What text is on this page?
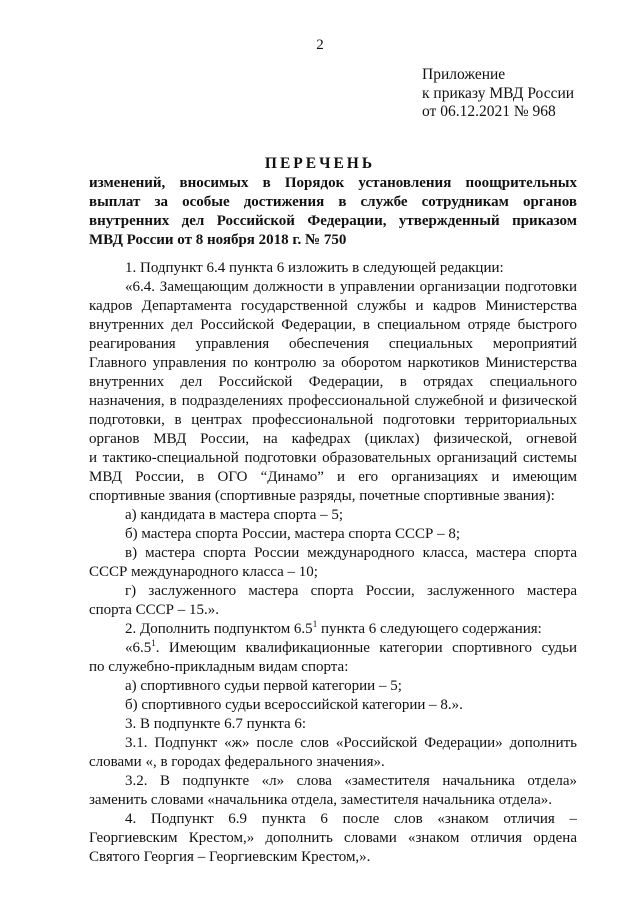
2
Приложение
к приказу МВД России
от 06.12.2021 № 968
ПЕРЕЧЕНЬ
изменений, вносимых в Порядок установления поощрительных
выплат за особые достижения в службе сотрудникам органов
внутренних дел Российской Федерации, утвержденный приказом
МВД России от 8 ноября 2018 г. № 750
1. Подпункт 6.4 пункта 6 изложить в следующей редакции:
«6.4. Замещающим должности в управлении организации подготовки
кадров Департамента государственной службы и кадров Министерства
внутренних дел Российской Федерации, в специальном отряде быстрого
реагирования управления обеспечения специальных мероприятий
Главного управления по контролю за оборотом наркотиков Министерства
внутренних дел Российской Федерации, в отрядах специального
назначения, в подразделениях профессиональной служебной и физической
подготовки, в центрах профессиональной подготовки территориальных
органов МВД России, на кафедрах (циклах) физической, огневой
и тактико-специальной подготовки образовательных организаций системы
МВД России, в ОГО “Динамо” и его организациях и имеющим
спортивные звания (спортивные разряды, почетные спортивные звания):
а) кандидата в мастера спорта – 5;
б) мастера спорта России, мастера спорта СССР – 8;
в) мастера спорта России международного класса, мастера спорта
СССР международного класса – 10;
г) заслуженного мастера спорта России, заслуженного мастера
спорта СССР – 15.».
2. Дополнить подпунктом $6.5^1$ пункта 6 следующего содержания:
«$6.5^1$. Имеющим квалификационные категории спортивного судьи
по служебно-прикладным видам спорта:
а) спортивного судьи первой категории – 5;
б) спортивного судьи всероссийской категории – 8.».
3. В подпункте 6.7 пункта 6:
3.1. Подпункт «ж» после слов «Российской Федерации» дополнить
словами «, в городах федерального значения».
3.2. В подпункте «л» слова «заместителя начальника отдела»
заменить словами «начальника отдела, заместителя начальника отдела».
4. Подпункт 6.9 пункта 6 после слов «знаком отличия –
Георгиевским Крестом,» дополнить словами «знаком отличия ордена
Святого Георгия – Георгиевским Крестом,».
